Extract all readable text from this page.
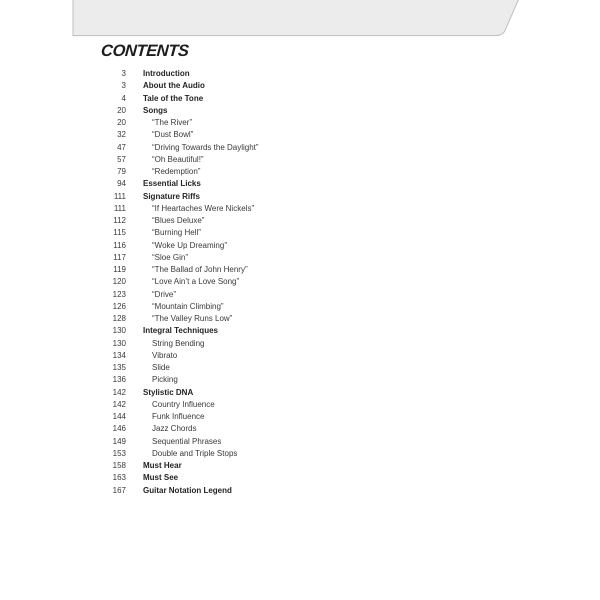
CONTENTS
3 Introduction
3 About the Audio
4 Tale of the Tone
20 Songs
20	“The River”
32	“Dust Bowl”
47	“Driving Towards the Daylight”
57	“Oh Beautiful!”
79	“Redemption”
94 Essential Licks
111 Signature Riffs
111	“If Heartaches Were Nickels”
112	“Blues Deluxe”
115	“Burning Hell”
116	“Woke Up Dreaming”
117	“Sloe Gin”
119	“The Ballad of John Henry”
120	“Love Ain’t a Love Song”
123	“Drive”
126	“Mountain Climbing”
128	“The Valley Runs Low”
130 Integral Techniques
130	String Bending
134	Vibrato
135	Slide
136	Picking
142 Stylistic DNA
142	Country Influence
144	Funk Influence
146	Jazz Chords
149	Sequential Phrases
153	Double and Triple Stops
158 Must Hear
163 Must See
167 Guitar Notation Legend
